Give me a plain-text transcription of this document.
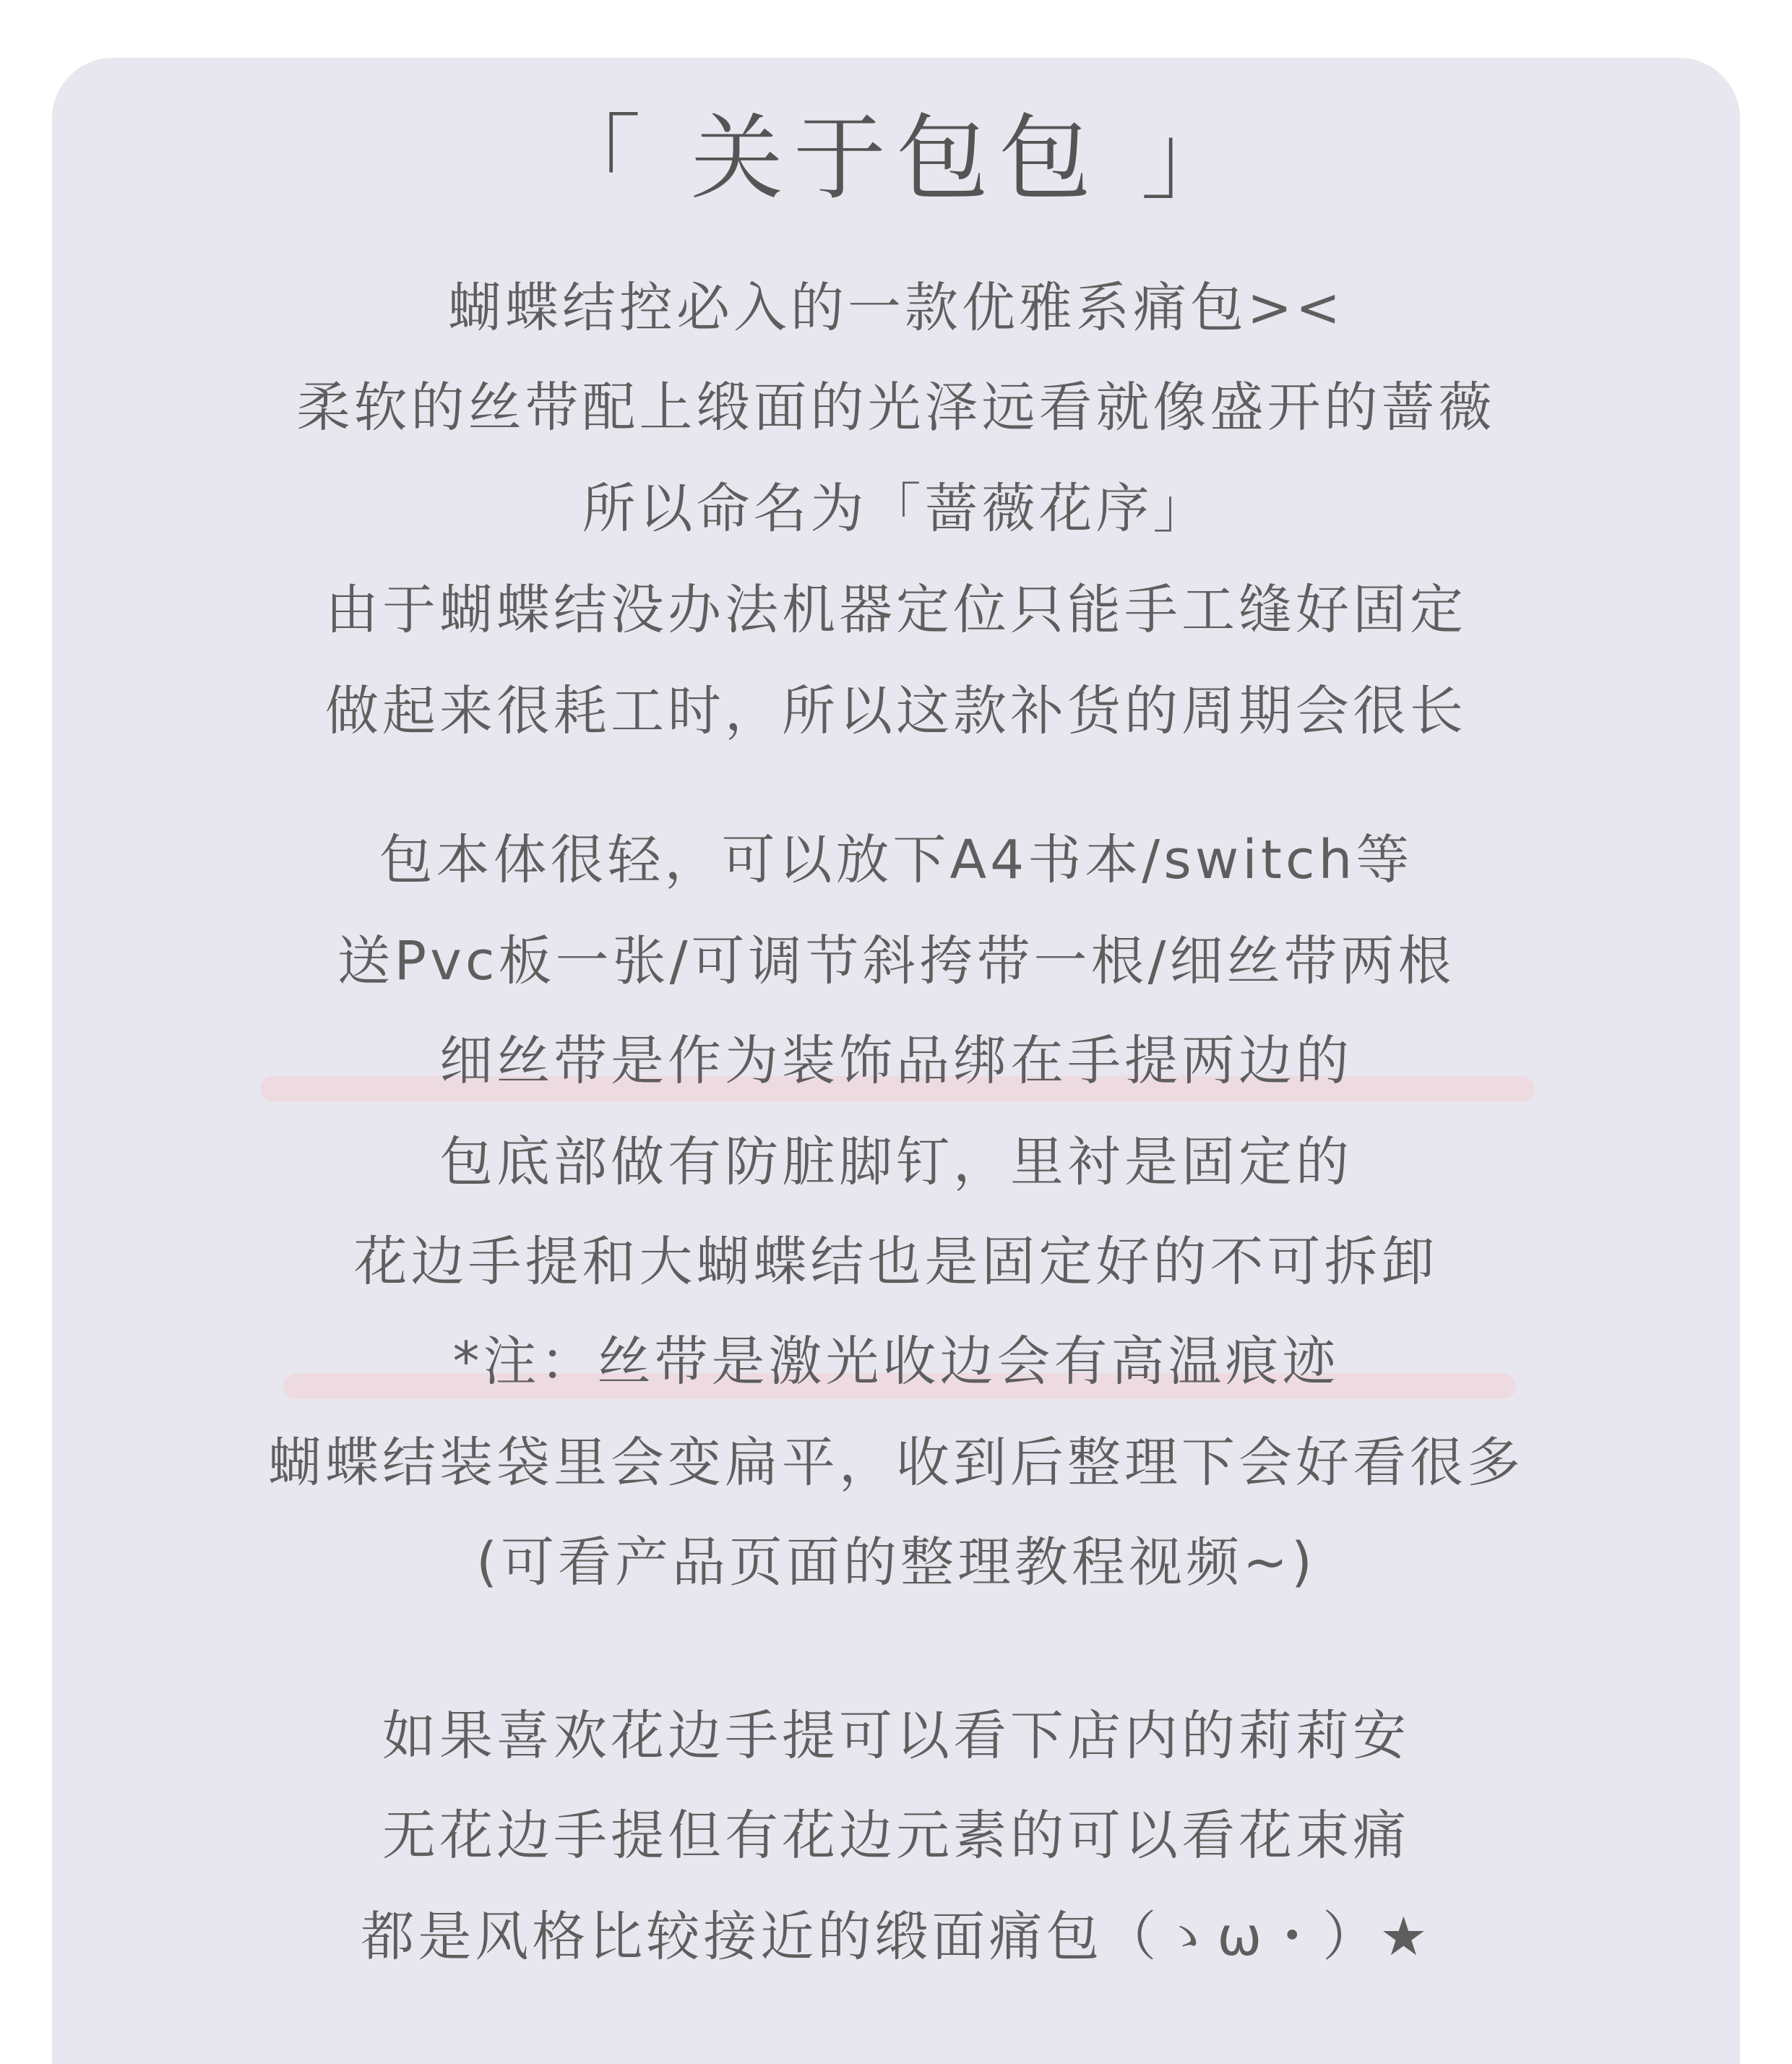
「 关于包包 」
蝴蝶结控必入的一款优雅系痛包><
柔软的丝带配上缎面的光泽远看就像盛开的蔷薇
所以命名为「蔷薇花序」
由于蝴蝶结没办法机器定位只能手工缝好固定
做起来很耗工时，所以这款补货的周期会很长
包本体很轻，可以放下A4书本/switch等
送Pvc板一张/可调节斜挎带一根/细丝带两根
细丝带是作为装饰品绑在手提两边的
包底部做有防脏脚钉，里衬是固定的
花边手提和大蝴蝶结也是固定好的不可拆卸
*注：丝带是激光收边会有高温痕迹
蝴蝶结装袋里会变扁平，收到后整理下会好看很多
(可看产品页面的整理教程视频~)
如果喜欢花边手提可以看下店内的莉莉安
无花边手提但有花边元素的可以看花束痛
都是风格比较接近的缎面痛包（ゝω・）★
